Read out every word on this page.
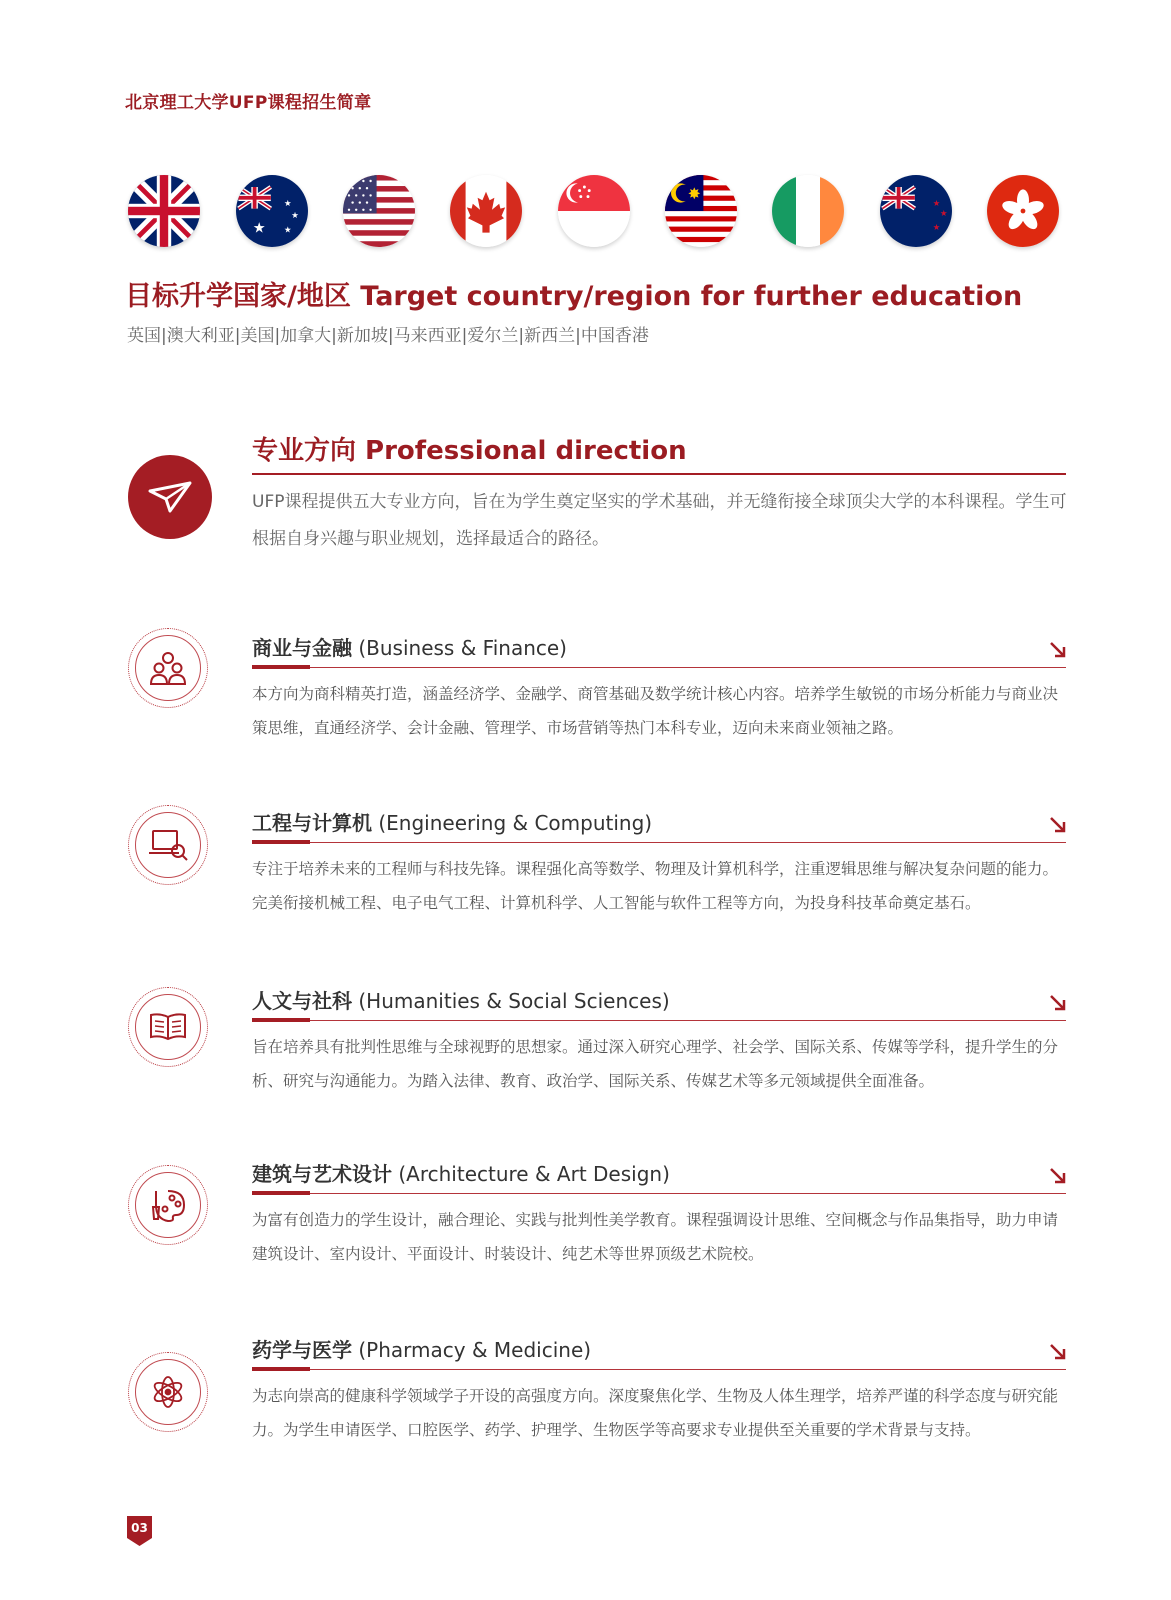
北京理工大学UFP课程招生简章
★
★
★
★
✸
★
★
★
目标升学国家/地区 Target country/region for further education
英国|澳大利亚|美国|加拿大|新加坡|马来西亚|爱尔兰|新西兰|中国香港
专业方向 Professional direction
UFP课程提供五大专业方向，旨在为学生奠定坚实的学术基础，并无缝衔接全球顶尖大学的本科课程。学生可根据自身兴趣与职业规划，选择最适合的路径。
商业与金融 (Business & Finance)
本方向为商科精英打造，涵盖经济学、金融学、商管基础及数学统计核心内容。培养学生敏锐的市场分析能力与商业决策思维，直通经济学、会计金融、管理学、市场营销等热门本科专业，迈向未来商业领袖之路。
工程与计算机 (Engineering & Computing)
专注于培养未来的工程师与科技先锋。课程强化高等数学、物理及计算机科学，注重逻辑思维与解决复杂问题的能力。完美衔接机械工程、电子电气工程、计算机科学、人工智能与软件工程等方向，为投身科技革命奠定基石。
人文与社科 (Humanities & Social Sciences)
旨在培养具有批判性思维与全球视野的思想家。通过深入研究心理学、社会学、国际关系、传媒等学科，提升学生的分析、研究与沟通能力。为踏入法律、教育、政治学、国际关系、传媒艺术等多元领域提供全面准备。
建筑与艺术设计 (Architecture & Art Design)
为富有创造力的学生设计，融合理论、实践与批判性美学教育。课程强调设计思维、空间概念与作品集指导，助力申请建筑设计、室内设计、平面设计、时装设计、纯艺术等世界顶级艺术院校。
药学与医学 (Pharmacy & Medicine)
为志向崇高的健康科学领域学子开设的高强度方向。深度聚焦化学、生物及人体生理学，培养严谨的科学态度与研究能力。为学生申请医学、口腔医学、药学、护理学、生物医学等高要求专业提供至关重要的学术背景与支持。
03
